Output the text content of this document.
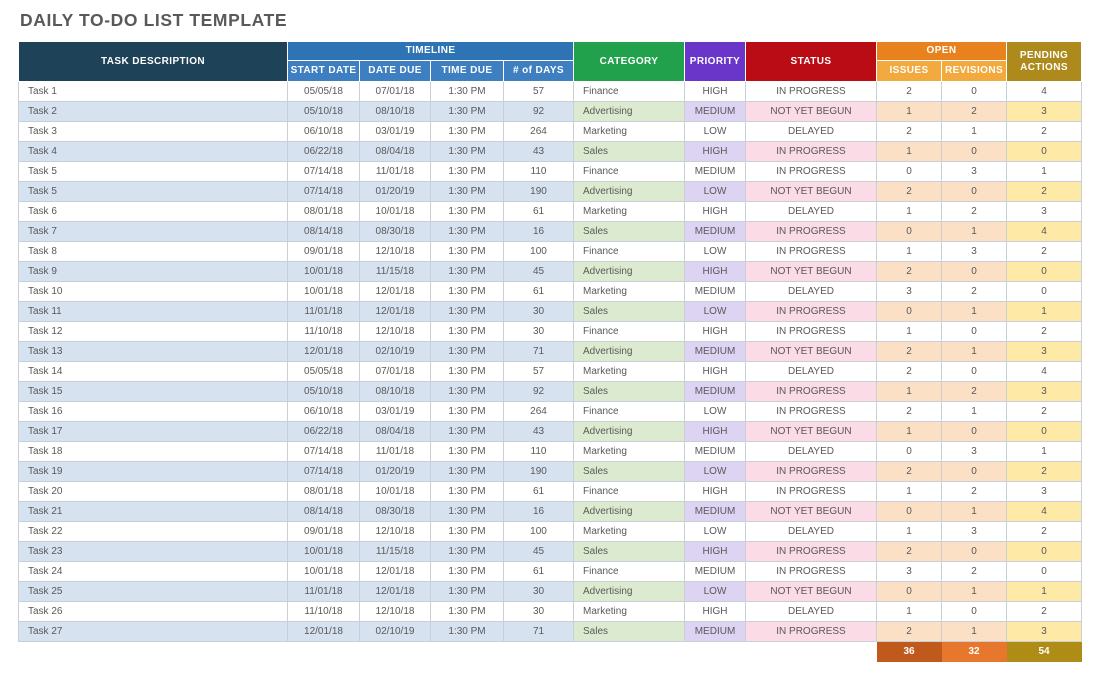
DAILY TO-DO LIST TEMPLATE
TASK DESCRIPTION	TIMELINE				CATEGORY	PRIORITY	STATUS	OPEN		PENDING ACTIONS
	START DATE	DATE DUE	TIME DUE	# of DAYS				ISSUES	REVISIONS	
Task 1	05/05/18	07/01/18	1:30 PM	57	Finance	HIGH	IN PROGRESS	2	0	4
Task 2	05/10/18	08/10/18	1:30 PM	92	Advertising	MEDIUM	NOT YET BEGUN	1	2	3
Task 3	06/10/18	03/01/19	1:30 PM	264	Marketing	LOW	DELAYED	2	1	2
Task 4	06/22/18	08/04/18	1:30 PM	43	Sales	HIGH	IN PROGRESS	1	0	0
Task 5	07/14/18	11/01/18	1:30 PM	110	Finance	MEDIUM	IN PROGRESS	0	3	1
Task 5	07/14/18	01/20/19	1:30 PM	190	Advertising	LOW	NOT YET BEGUN	2	0	2
Task 6	08/01/18	10/01/18	1:30 PM	61	Marketing	HIGH	DELAYED	1	2	3
Task 7	08/14/18	08/30/18	1:30 PM	16	Sales	MEDIUM	IN PROGRESS	0	1	4
Task 8	09/01/18	12/10/18	1:30 PM	100	Finance	LOW	IN PROGRESS	1	3	2
Task 9	10/01/18	11/15/18	1:30 PM	45	Advertising	HIGH	NOT YET BEGUN	2	0	0
Task 10	10/01/18	12/01/18	1:30 PM	61	Marketing	MEDIUM	DELAYED	3	2	0
Task 11	11/01/18	12/01/18	1:30 PM	30	Sales	LOW	IN PROGRESS	0	1	1
Task 12	11/10/18	12/10/18	1:30 PM	30	Finance	HIGH	IN PROGRESS	1	0	2
Task 13	12/01/18	02/10/19	1:30 PM	71	Advertising	MEDIUM	NOT YET BEGUN	2	1	3
Task 14	05/05/18	07/01/18	1:30 PM	57	Marketing	HIGH	DELAYED	2	0	4
Task 15	05/10/18	08/10/18	1:30 PM	92	Sales	MEDIUM	IN PROGRESS	1	2	3
Task 16	06/10/18	03/01/19	1:30 PM	264	Finance	LOW	IN PROGRESS	2	1	2
Task 17	06/22/18	08/04/18	1:30 PM	43	Advertising	HIGH	NOT YET BEGUN	1	0	0
Task 18	07/14/18	11/01/18	1:30 PM	110	Marketing	MEDIUM	DELAYED	0	3	1
Task 19	07/14/18	01/20/19	1:30 PM	190	Sales	LOW	IN PROGRESS	2	0	2
Task 20	08/01/18	10/01/18	1:30 PM	61	Finance	HIGH	IN PROGRESS	1	2	3
Task 21	08/14/18	08/30/18	1:30 PM	16	Advertising	MEDIUM	NOT YET BEGUN	0	1	4
Task 22	09/01/18	12/10/18	1:30 PM	100	Marketing	LOW	DELAYED	1	3	2
Task 23	10/01/18	11/15/18	1:30 PM	45	Sales	HIGH	IN PROGRESS	2	0	0
Task 24	10/01/18	12/01/18	1:30 PM	61	Finance	MEDIUM	IN PROGRESS	3	2	0
Task 25	11/01/18	12/01/18	1:30 PM	30	Advertising	LOW	NOT YET BEGUN	0	1	1
Task 26	11/10/18	12/10/18	1:30 PM	30	Marketing	HIGH	DELAYED	1	0	2
Task 27	12/01/18	02/10/19	1:30 PM	71	Sales	MEDIUM	IN PROGRESS	2	1	3
								36	32	54
